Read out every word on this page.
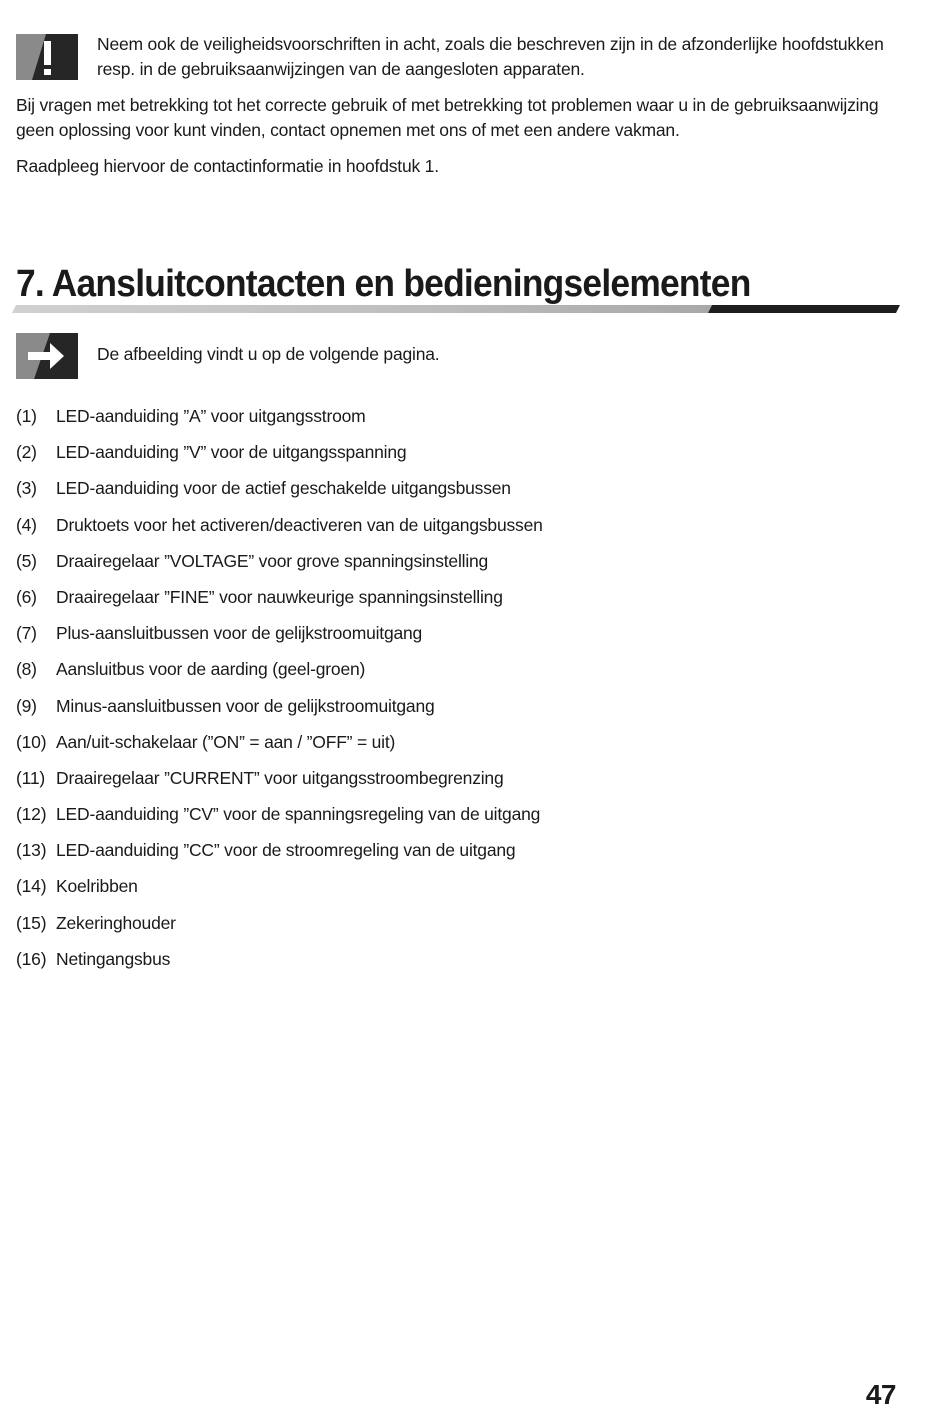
Neem ook de veiligheidsvoorschriften in acht, zoals die beschreven zijn in de afzonderlijke hoofdstukken resp. in de gebruiksaanwijzingen van de aangesloten apparaten.

Bij vragen met betrekking tot het correcte gebruik of met betrekking tot problemen waar u in de gebruiksaanwijzing geen oplossing voor kunt vinden, contact opnemen met ons of met een andere vakman.

Raadpleeg hiervoor de contactinformatie in hoofdstuk 1.

7. Aansluitcontacten en bedieningselementen

De afbeelding vindt u op de volgende pagina.

(1) LED-aanduiding ”A” voor uitgangsstroom
(2) LED-aanduiding ”V” voor de uitgangsspanning
(3) LED-aanduiding voor de actief geschakelde uitgangsbussen
(4) Druktoets voor het activeren/deactiveren van de uitgangsbussen
(5) Draairegelaar ”VOLTAGE” voor grove spanningsinstelling
(6) Draairegelaar ”FINE” voor nauwkeurige spanningsinstelling
(7) Plus-aansluitbussen voor de gelijkstroomuitgang
(8) Aansluitbus voor de aarding (geel-groen)
(9) Minus-aansluitbussen voor de gelijkstroomuitgang
(10) Aan/uit-schakelaar (”ON” = aan / ”OFF” = uit)
(11) Draairegelaar ”CURRENT” voor uitgangsstroombegrenzing
(12) LED-aanduiding ”CV” voor de spanningsregeling van de uitgang
(13) LED-aanduiding ”CC” voor de stroomregeling van de uitgang
(14) Koelribben
(15) Zekeringhouder
(16) Netingangsbus
47
